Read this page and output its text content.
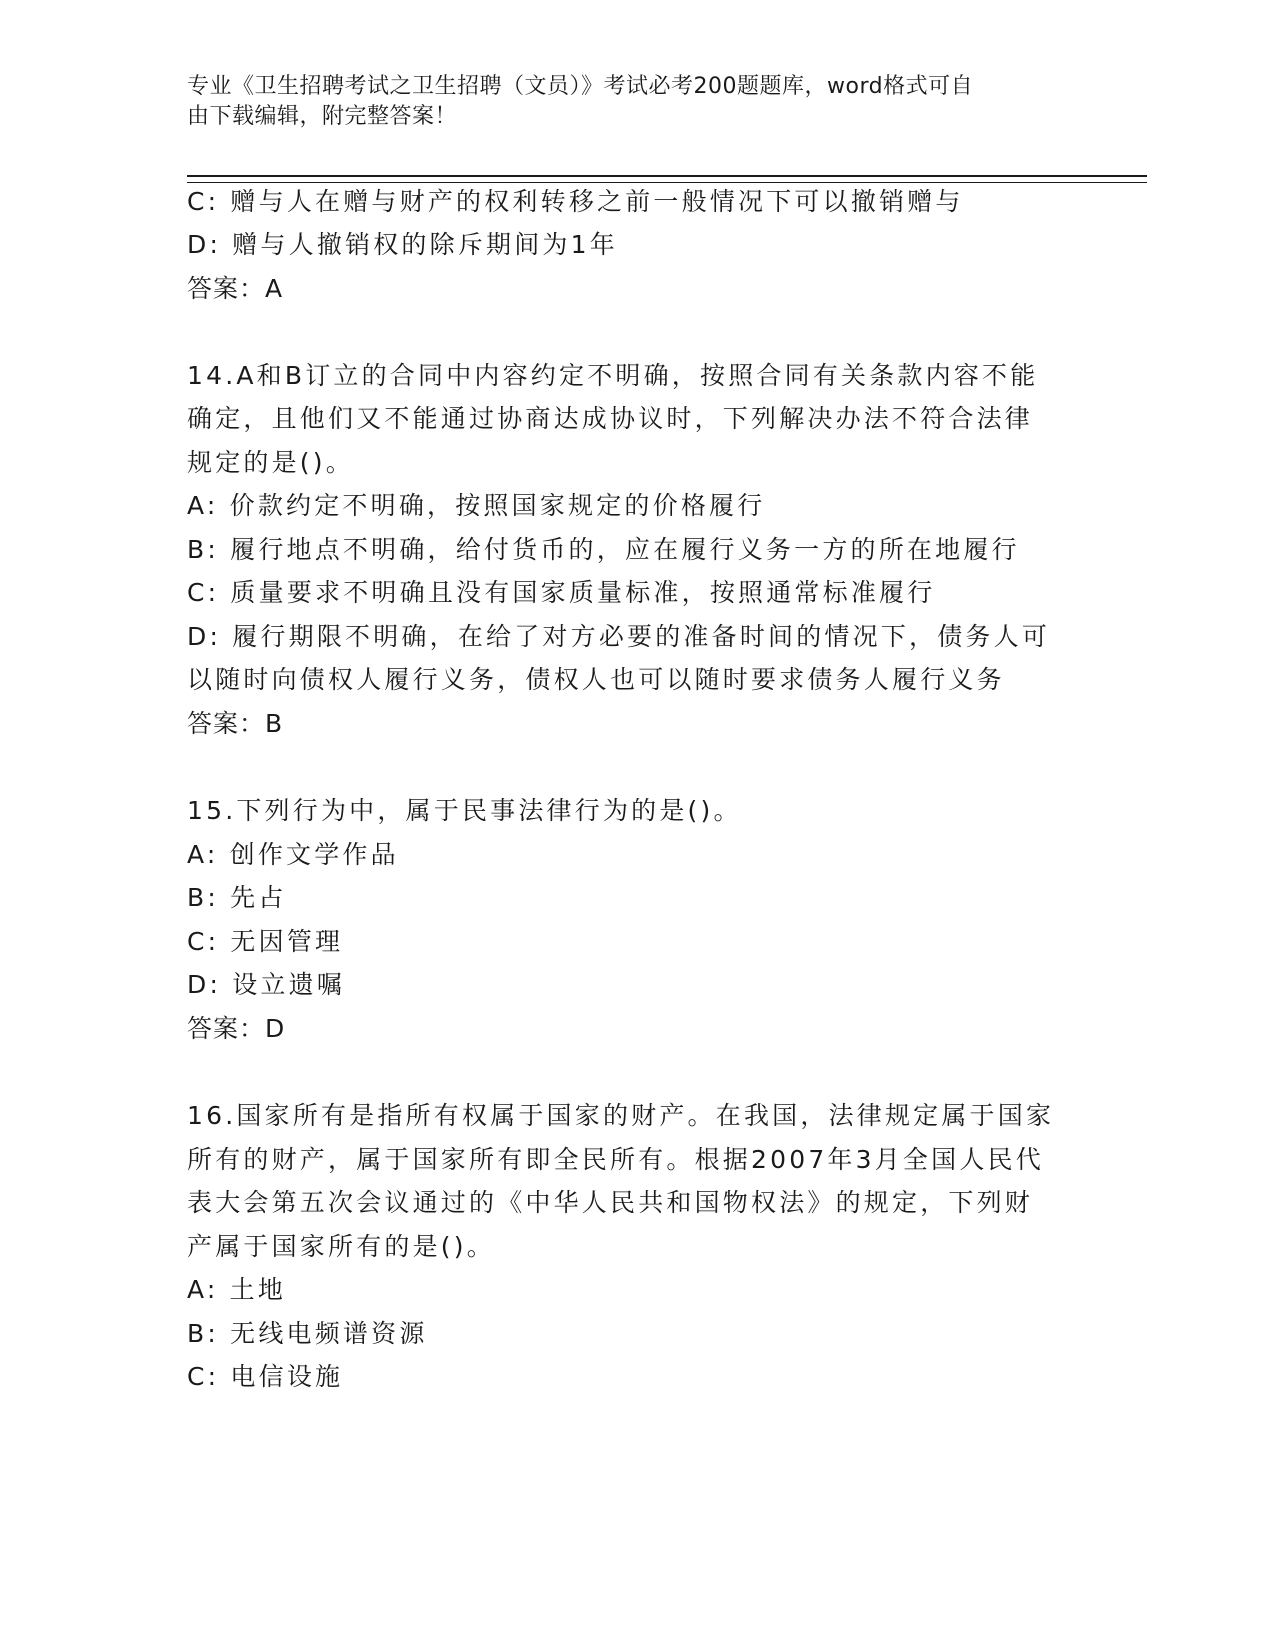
专业《卫生招聘考试之卫生招聘（文员）》考试必考200题题库，word格式可自
由下载编辑，附完整答案！
C: 赠与人在赠与财产的权利转移之前一般情况下可以撤销赠与
D: 赠与人撤销权的除斥期间为1年
答案：A
14.A和B订立的合同中内容约定不明确，按照合同有关条款内容不能
确定，且他们又不能通过协商达成协议时，下列解决办法不符合法律
规定的是()。
A: 价款约定不明确，按照国家规定的价格履行
B: 履行地点不明确，给付货币的，应在履行义务一方的所在地履行
C: 质量要求不明确且没有国家质量标准，按照通常标准履行
D: 履行期限不明确，在给了对方必要的准备时间的情况下，债务人可
以随时向债权人履行义务，债权人也可以随时要求债务人履行义务
答案：B
15.下列行为中，属于民事法律行为的是()。
A: 创作文学作品
B: 先占
C: 无因管理
D: 设立遗嘱
答案：D
16.国家所有是指所有权属于国家的财产。在我国，法律规定属于国家
所有的财产，属于国家所有即全民所有。根据2007年3月全国人民代
表大会第五次会议通过的《中华人民共和国物权法》的规定，下列财
产属于国家所有的是()。
A: 土地
B: 无线电频谱资源
C: 电信设施
